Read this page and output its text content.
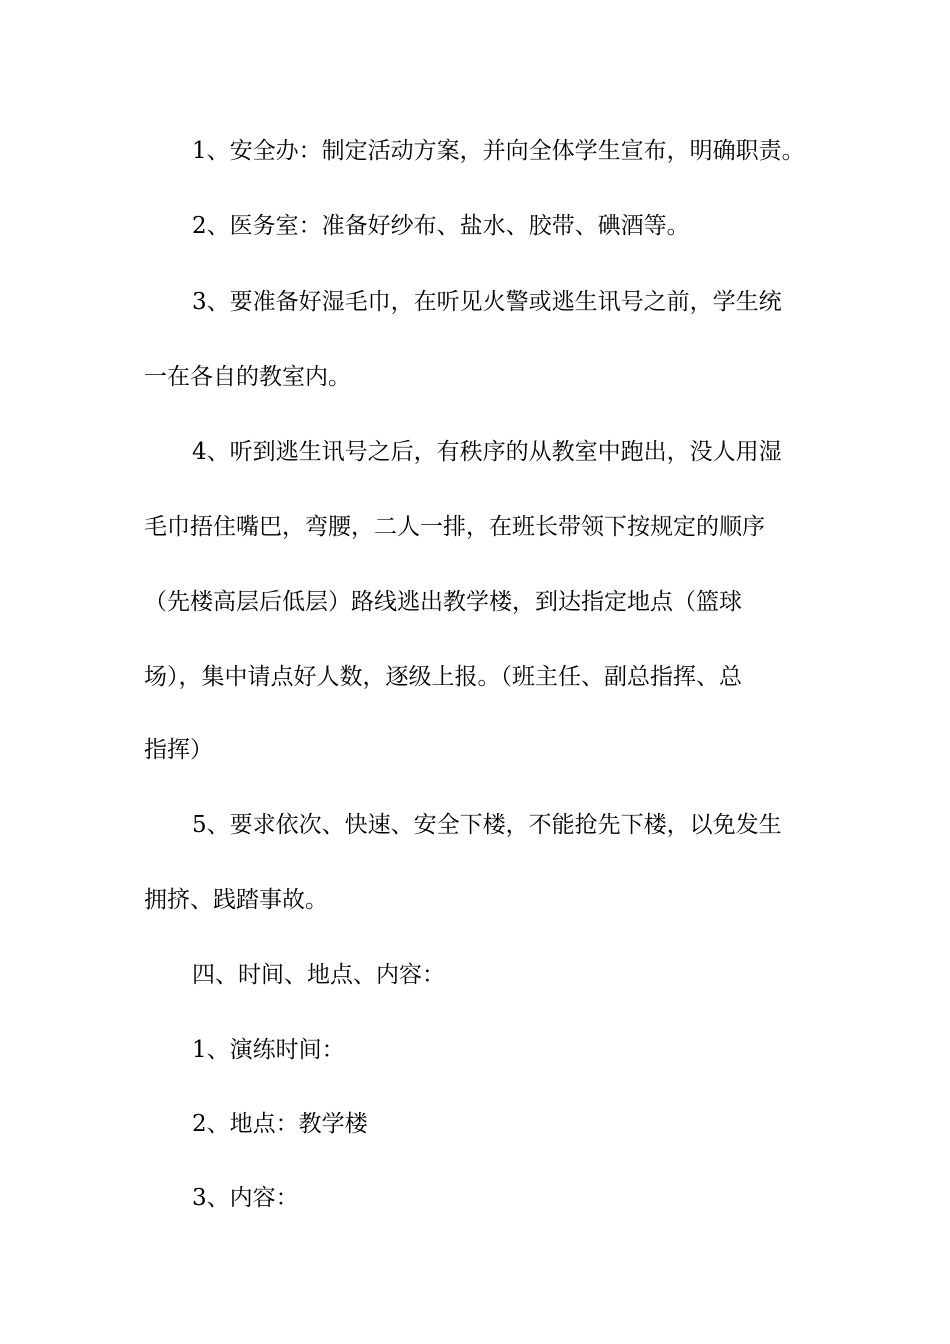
1、安全办：制定活动方案，并向全体学生宣布，明确职责。
2、医务室：准备好纱布、盐水、胶带、碘酒等。
3、要准备好湿毛巾，在听见火警或逃生讯号之前，学生统
一在各自的教室内。
4、听到逃生讯号之后，有秩序的从教室中跑出，没人用湿
毛巾捂住嘴巴，弯腰，二人一排，在班长带领下按规定的顺序
（先楼高层后低层）路线逃出教学楼，到达指定地点（篮球
场），集中请点好人数，逐级上报。（班主任、副总指挥、总
指挥）
5、要求依次、快速、安全下楼，不能抢先下楼，以免发生
拥挤、践踏事故。
四、时间、地点、内容：
1、演练时间：
2、地点：教学楼
3、内容：
